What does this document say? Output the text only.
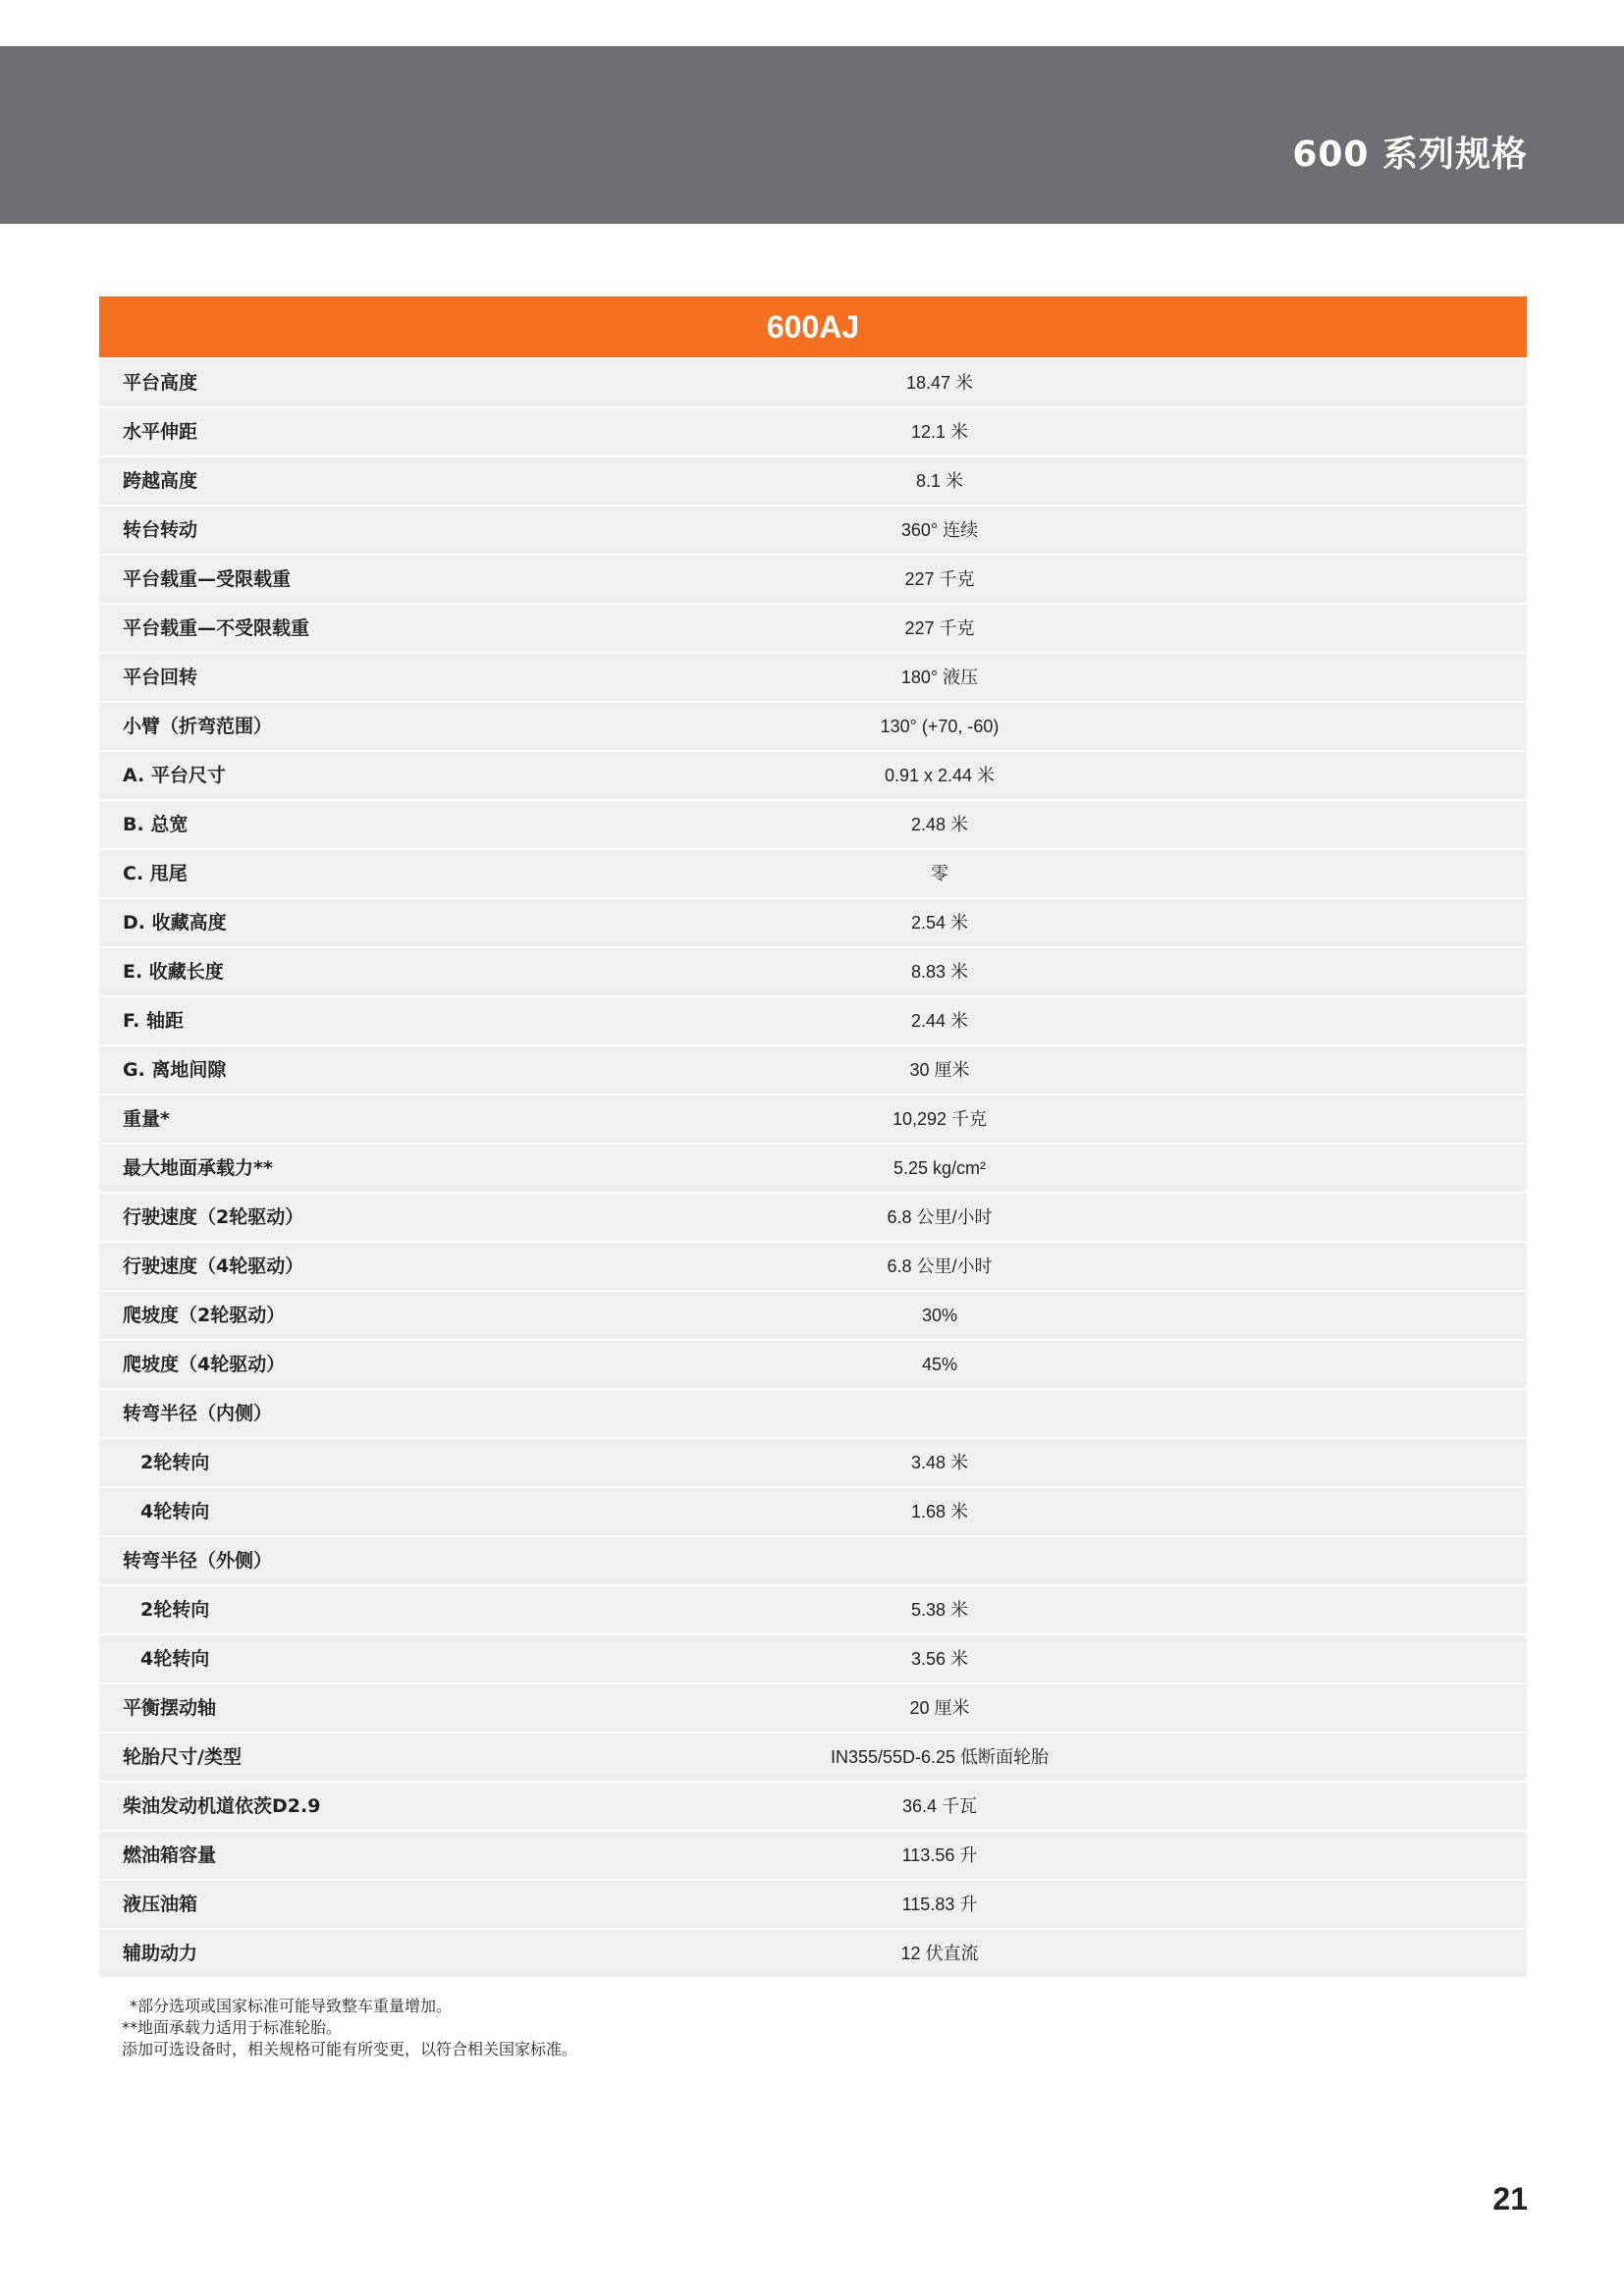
600 系列规格
600AJ
平台高度	18.47 米
水平伸距	12.1 米
跨越高度	8.1 米
转台转动	360° 连续
平台载重—受限载重	227 千克
平台载重—不受限载重	227 千克
平台回转	180° 液压
小臂（折弯范围）	130° (+70, -60)
A. 平台尺寸	0.91 x 2.44 米
B. 总宽	2.48 米
C. 甩尾	零
D. 收藏高度	2.54 米
E. 收藏长度	8.83 米
F. 轴距	2.44 米
G. 离地间隙	30 厘米
重量*	10,292 千克
最大地面承载力**	5.25 kg/cm²
行驶速度（2轮驱动）	6.8 公里/小时
行驶速度（4轮驱动）	6.8 公里/小时
爬坡度（2轮驱动）	30%
爬坡度（4轮驱动）	45%
转弯半径（内侧）
2轮转向	3.48 米
4轮转向	1.68 米
转弯半径（外侧）
2轮转向	5.38 米
4轮转向	3.56 米
平衡摆动轴	20 厘米
轮胎尺寸/类型	IN355/55D-6.25 低断面轮胎
柴油发动机道依茨D2.9	36.4 千瓦
燃油箱容量	113.56 升
液压油箱	115.83 升
辅助动力	12 伏直流
*部分选项或国家标准可能导致整车重量增加。
**地面承载力适用于标准轮胎。
添加可选设备时，相关规格可能有所变更，以符合相关国家标准。
21
